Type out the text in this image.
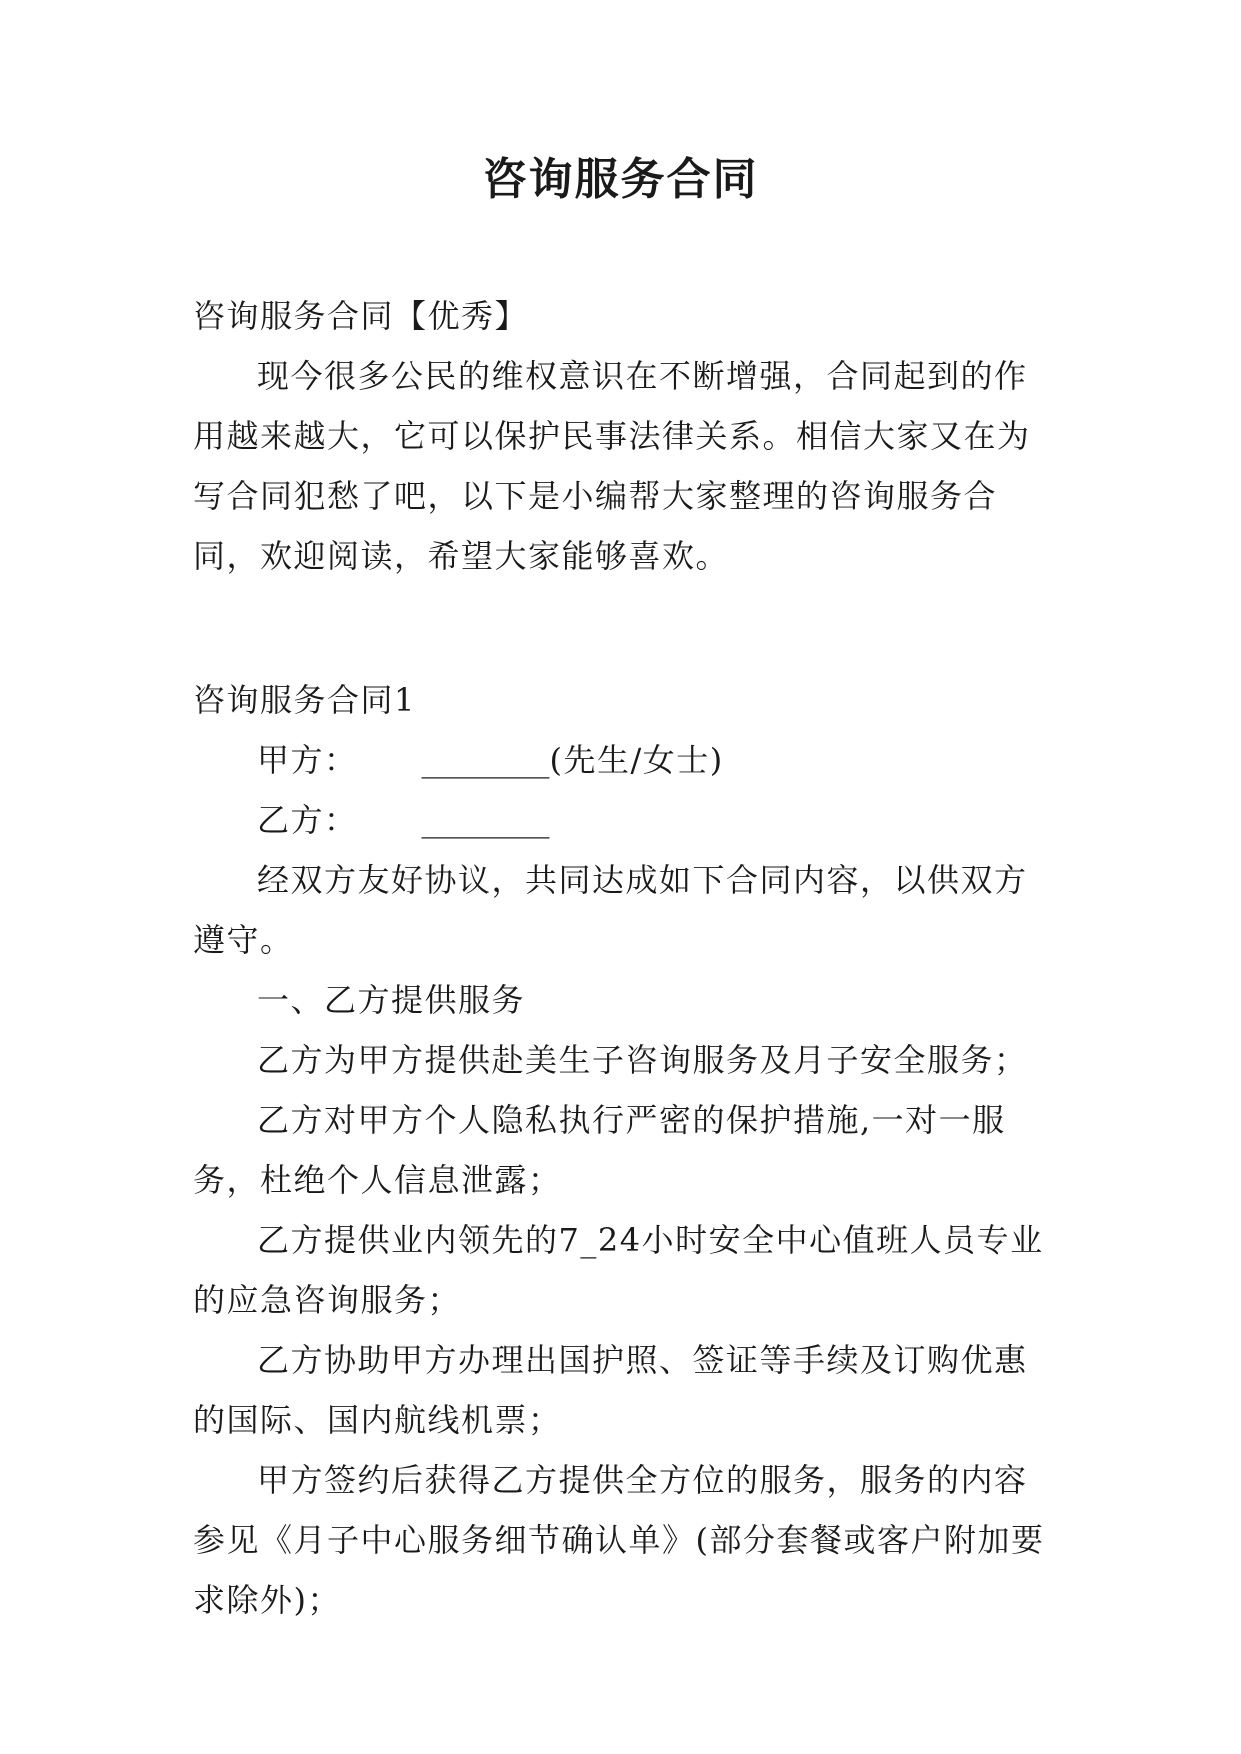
咨询服务合同

咨询服务合同【优秀】

现今很多公民的维权意识在不断增强，合同起到的作用越来越大，它可以保护民事法律关系。相信大家又在为写合同犯愁了吧，以下是小编帮大家整理的咨询服务合同，欢迎阅读，希望大家能够喜欢。

咨询服务合同1

甲方： ________(先生/女士)

乙方： ________

经双方友好协议，共同达成如下合同内容，以供双方遵守。

一、乙方提供服务

乙方为甲方提供赴美生子咨询服务及月子安全服务；

乙方对甲方个人隐私执行严密的保护措施,一对一服务，杜绝个人信息泄露；

乙方提供业内领先的7_24小时安全中心值班人员专业的应急咨询服务；

乙方协助甲方办理出国护照、签证等手续及订购优惠的国际、国内航线机票；

甲方签约后获得乙方提供全方位的服务，服务的内容参见《月子中心服务细节确认单》(部分套餐或客户附加要求除外)；
